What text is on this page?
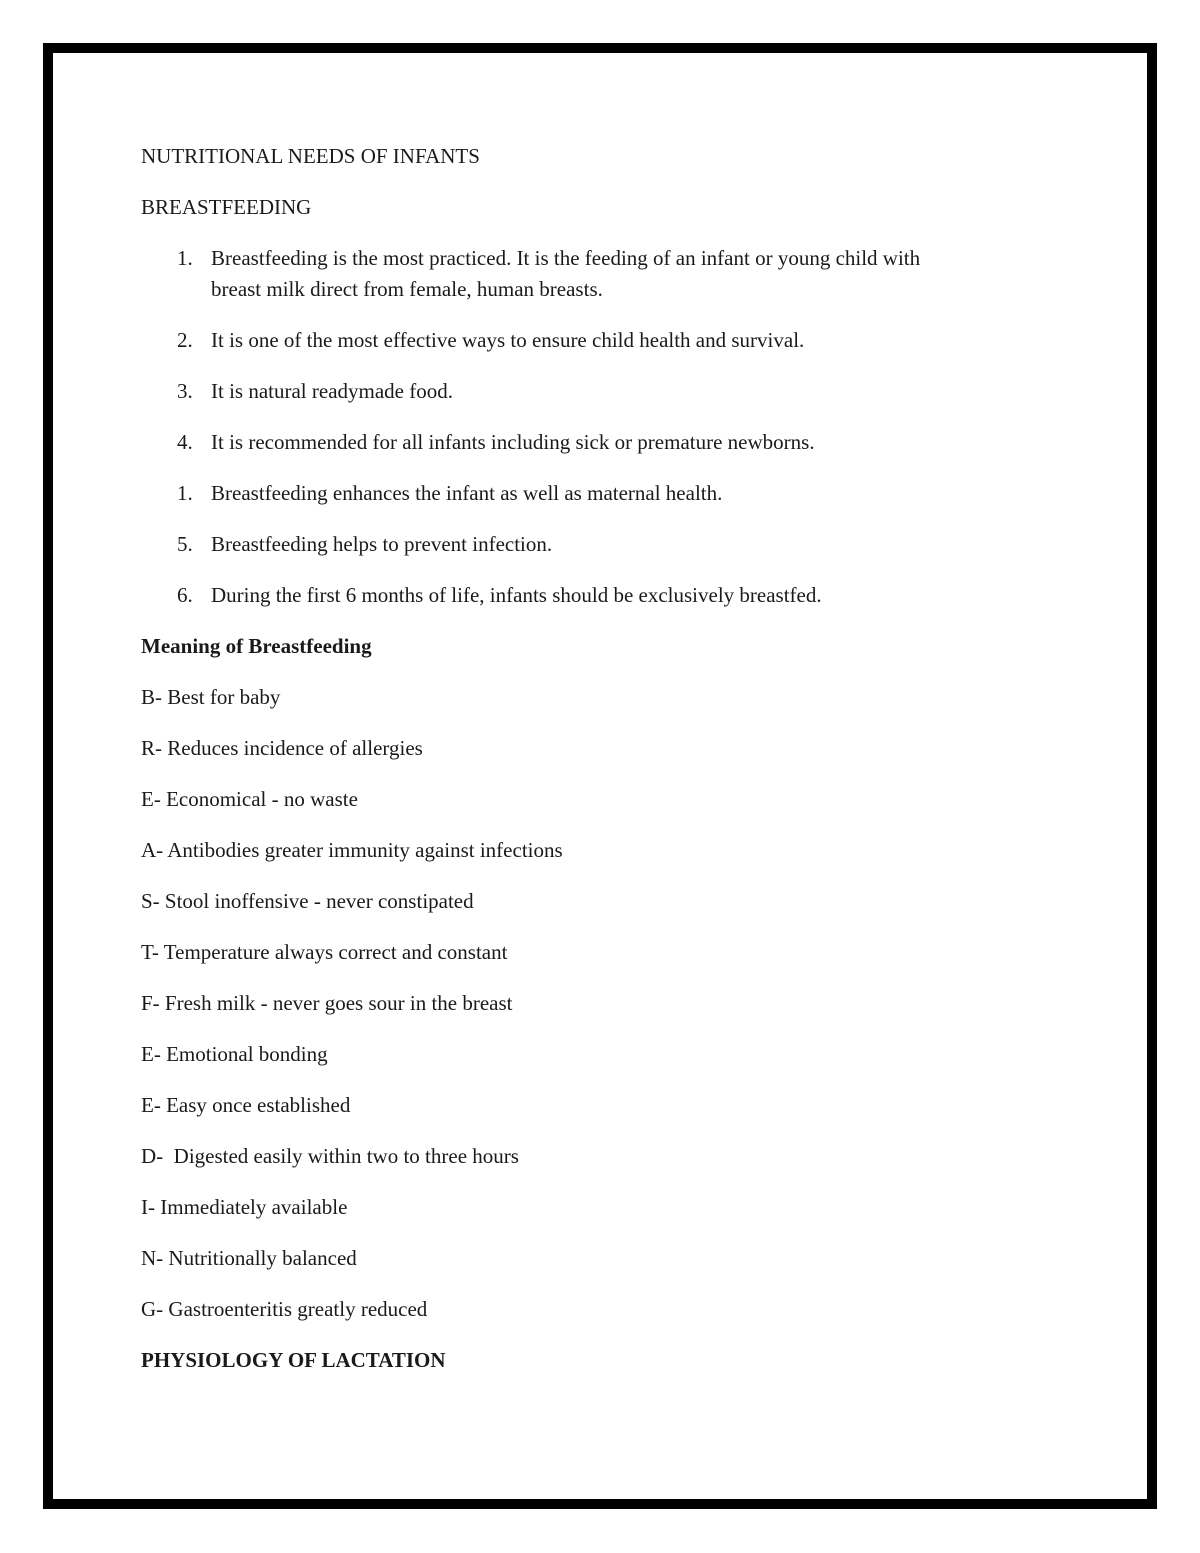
NUTRITIONAL NEEDS OF INFANTS

BREASTFEEDING

1. Breastfeeding is the most practiced. It is the feeding of an infant or young child with
breast milk direct from female, human breasts.
2. It is one of the most effective ways to ensure child health and survival.
3. It is natural readymade food.
4. It is recommended for all infants including sick or premature newborns.
1. Breastfeeding enhances the infant as well as maternal health.
5. Breastfeeding helps to prevent infection.
6. During the first 6 months of life, infants should be exclusively breastfed.

Meaning of Breastfeeding

B- Best for baby

R- Reduces incidence of allergies

E- Economical - no waste

A- Antibodies greater immunity against infections

S- Stool inoffensive - never constipated

T- Temperature always correct and constant

F- Fresh milk - never goes sour in the breast

E- Emotional bonding

E- Easy once established

D-  Digested easily within two to three hours

I- Immediately available

N- Nutritionally balanced

G- Gastroenteritis greatly reduced

PHYSIOLOGY OF LACTATION
